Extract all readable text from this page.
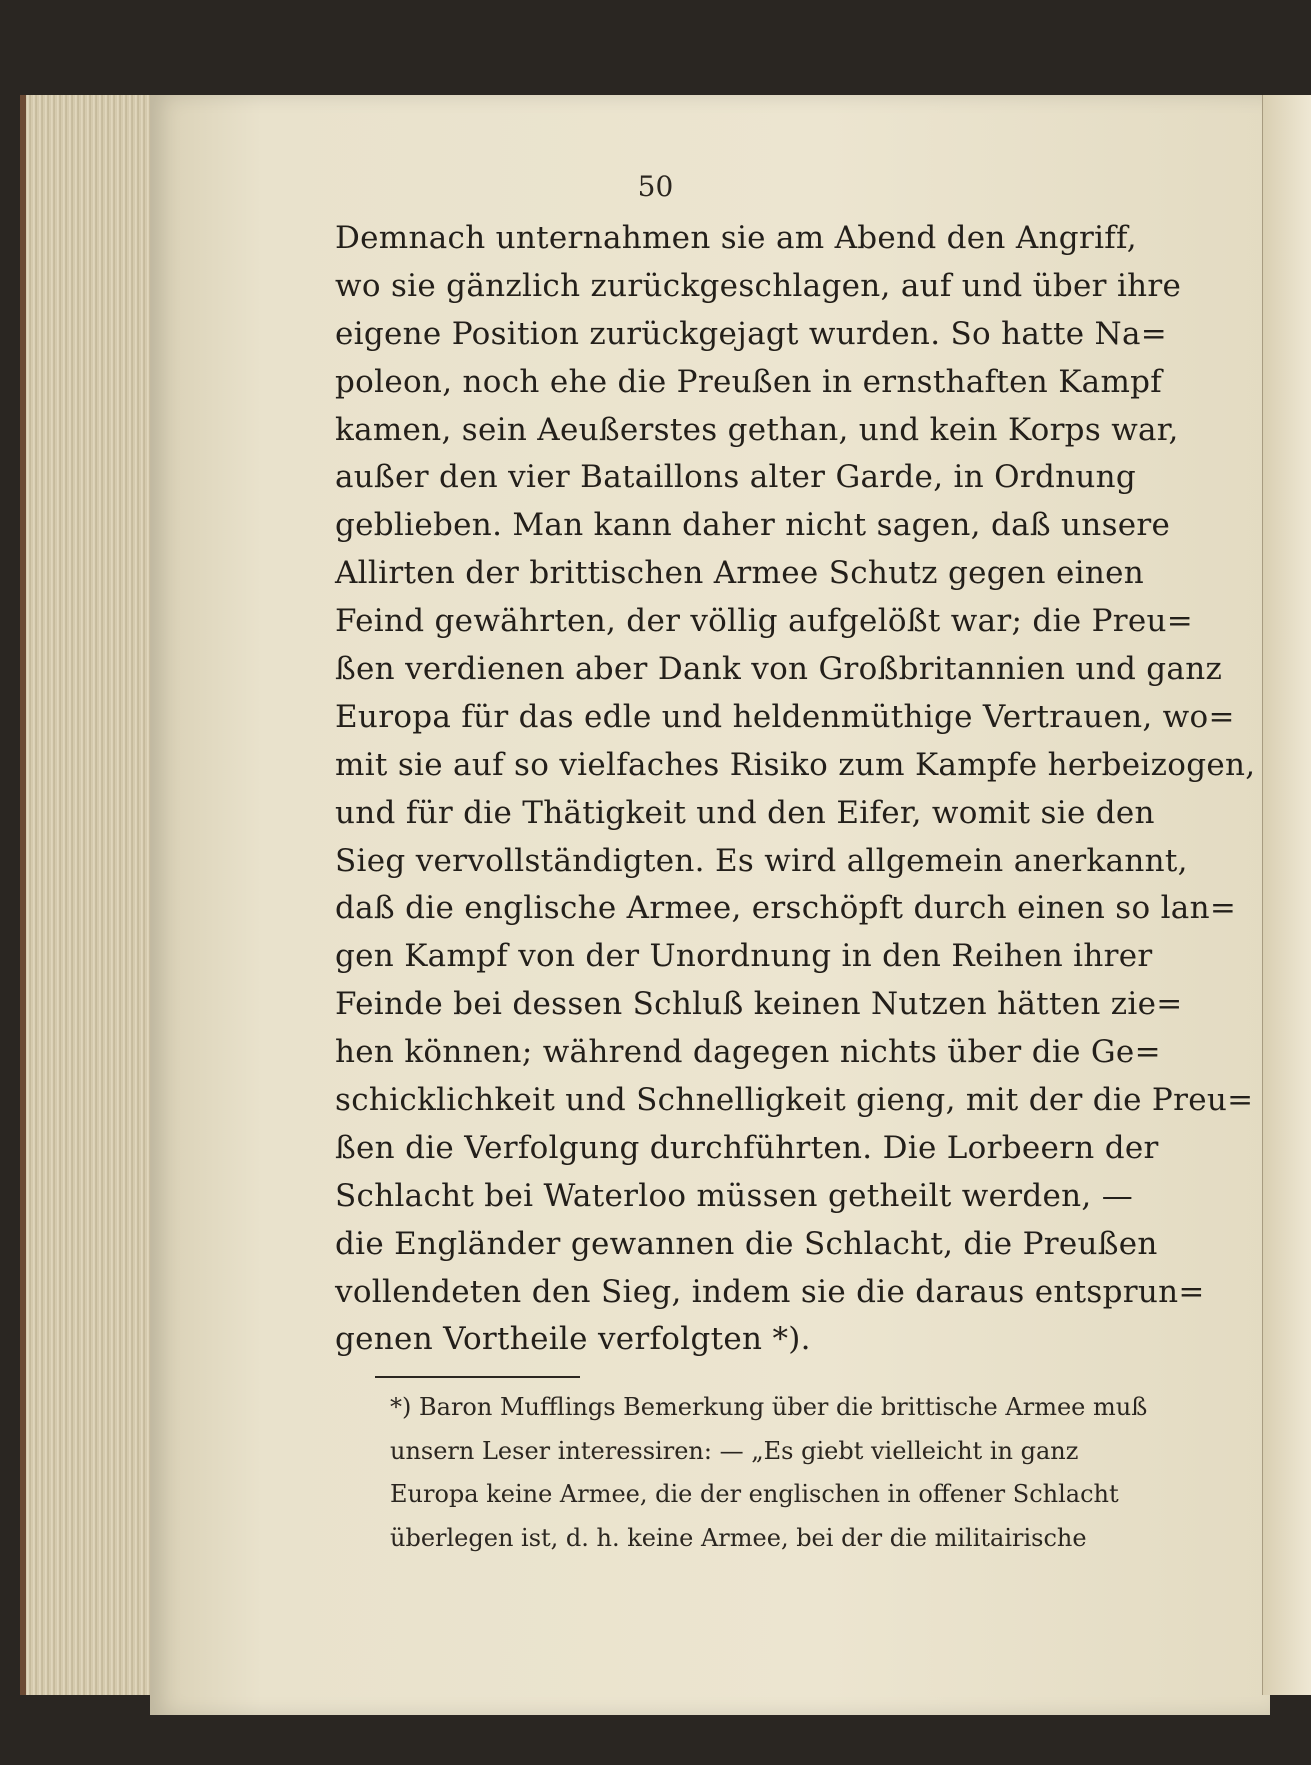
50
Demnach unternahmen sie am Abend den Angriff,
wo sie gänzlich zurückgeschlagen, auf und über ihre
eigene Position zurückgejagt wurden. So hatte Na=
poleon, noch ehe die Preußen in ernsthaften Kampf
kamen, sein Aeußerstes gethan, und kein Korps war,
außer den vier Bataillons alter Garde, in Ordnung
geblieben. Man kann daher nicht sagen, daß unsere
Allirten der brittischen Armee Schutz gegen einen
Feind gewährten, der völlig aufgelößt war; die Preu=
ßen verdienen aber Dank von Großbritannien und ganz
Europa für das edle und heldenmüthige Vertrauen, wo=
mit sie auf so vielfaches Risiko zum Kampfe herbeizogen,
und für die Thätigkeit und den Eifer, womit sie den
Sieg vervollständigten. Es wird allgemein anerkannt,
daß die englische Armee, erschöpft durch einen so lan=
gen Kampf von der Unordnung in den Reihen ihrer
Feinde bei dessen Schluß keinen Nutzen hätten zie=
hen können; während dagegen nichts über die Ge=
schicklichkeit und Schnelligkeit gieng, mit der die Preu=
ßen die Verfolgung durchführten. Die Lorbeern der
Schlacht bei Waterloo müssen getheilt werden, —
die Engländer gewannen die Schlacht, die Preußen
vollendeten den Sieg, indem sie die daraus entsprun=
genen Vortheile verfolgten *).
*) Baron Mufflings Bemerkung über die brittische Armee muß
unsern Leser interessiren: — „Es giebt vielleicht in ganz
Europa keine Armee, die der englischen in offener Schlacht
überlegen ist, d. h. keine Armee, bei der die militairische
